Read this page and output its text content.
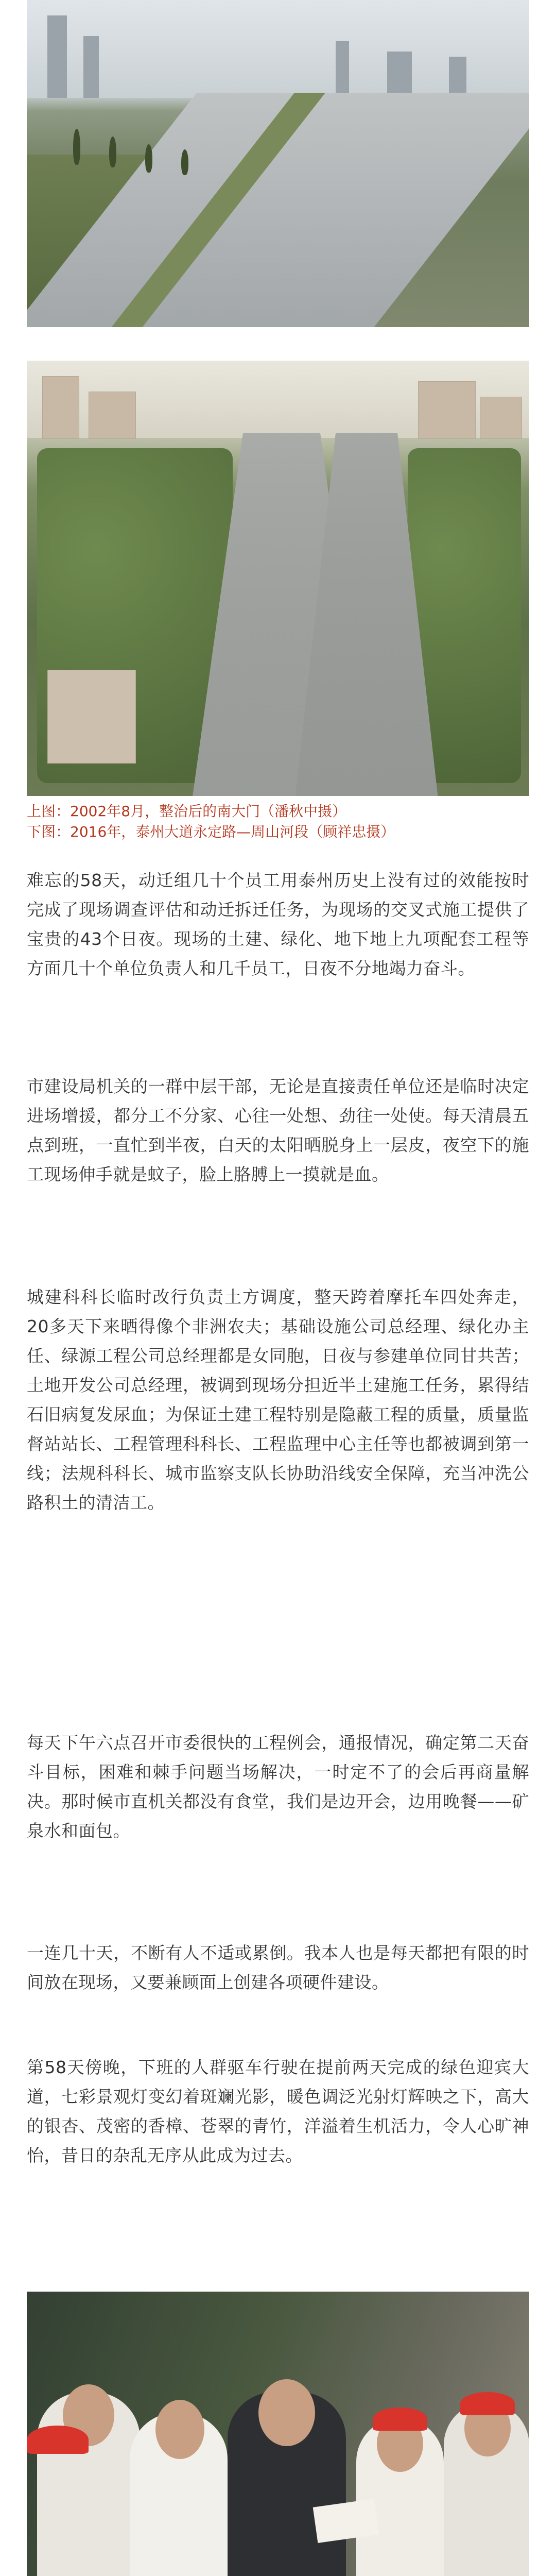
上图：2002年8月，整治后的南大门（潘秋中摄）
下图：2016年，泰州大道永定路—周山河段（顾祥忠摄）

难忘的58天，动迁组几十个员工用泰州历史上没有过的效能按时完成了现场调查评估和动迁拆迁任务，为现场的交叉式施工提供了宝贵的43个日夜。现场的土建、绿化、地下地上九项配套工程等方面几十个单位负责人和几千员工，日夜不分地竭力奋斗。

市建设局机关的一群中层干部，无论是直接责任单位还是临时决定进场增援，都分工不分家、心往一处想、劲往一处使。每天清晨五点到班，一直忙到半夜，白天的太阳晒脱身上一层皮，夜空下的施工现场伸手就是蚊子，脸上胳膊上一摸就是血。

城建科科长临时改行负责土方调度，整天跨着摩托车四处奔走，20多天下来晒得像个非洲农夫；基础设施公司总经理、绿化办主任、绿源工程公司总经理都是女同胞，日夜与参建单位同甘共苦；土地开发公司总经理，被调到现场分担近半土建施工任务，累得结石旧病复发尿血；为保证土建工程特别是隐蔽工程的质量，质量监督站站长、工程管理科科长、工程监理中心主任等也都被调到第一线；法规科科长、城市监察支队长协助沿线安全保障，充当冲洗公路积土的清洁工。

每天下午六点召开市委很快的工程例会，通报情况，确定第二天奋斗目标，困难和棘手问题当场解决，一时定不了的会后再商量解决。那时候市直机关都没有食堂，我们是边开会，边用晚餐——矿泉水和面包。

一连几十天，不断有人不适或累倒。我本人也是每天都把有限的时间放在现场，又要兼顾面上创建各项硬件建设。

第58天傍晚，下班的人群驱车行驶在提前两天完成的绿色迎宾大道，七彩景观灯变幻着斑斓光影，暖色调泛光射灯辉映之下，高大的银杏、茂密的香樟、苍翠的青竹，洋溢着生机活力，令人心旷神怡，昔日的杂乱无序从此成为过去。
